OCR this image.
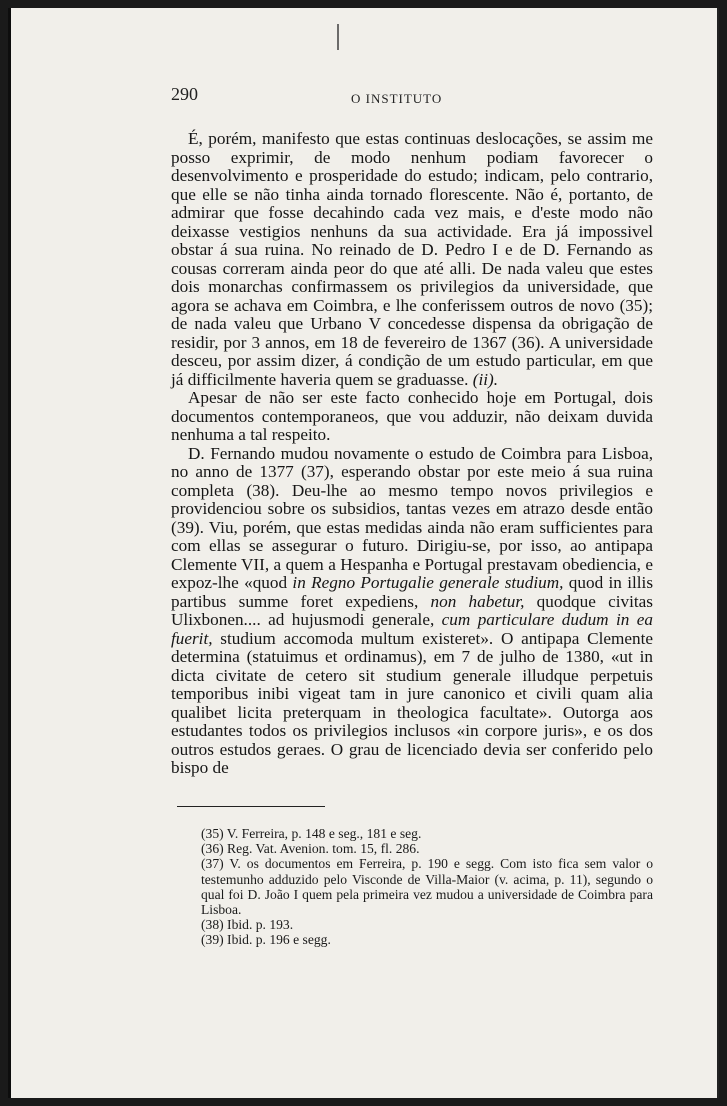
290	O INSTITUTO

É, porém, manifesto que estas continuas deslocações, se assim me posso exprimir, de modo nenhum podiam favorecer o desenvolvimento e prosperidade do estudo; indicam, pelo contrario, que elle se não tinha ainda tornado florescente. Não é, portanto, de admirar que fosse decahindo cada vez mais, e d'este modo não deixasse vestigios nenhuns da sua actividade. Era já impossivel obstar á sua ruina. No reinado de D. Pedro I e de D. Fernando as cousas correram ainda peor do que até alli. De nada valeu que estes dois monarchas confirmassem os privilegios da universidade, que agora se achava em Coimbra, e lhe conferissem outros de novo (35); de nada valeu que Urbano V concedesse dispensa da obrigação de residir, por 3 annos, em 18 de fevereiro de 1367 (36). A universidade desceu, por assim dizer, á condição de um estudo particular, em que já difficilmente haveria quem se graduasse. (ii).

Apesar de não ser este facto conhecido hoje em Portugal, dois documentos contemporaneos, que vou adduzir, não deixam duvida nenhuma a tal respeito.

D. Fernando mudou novamente o estudo de Coimbra para Lisboa, no anno de 1377 (37), esperando obstar por este meio á sua ruina completa (38). Deu-lhe ao mesmo tempo novos privilegios e providenciou sobre os subsidios, tantas vezes em atrazo desde então (39). Viu, porém, que estas medidas ainda não eram sufficientes para com ellas se assegurar o futuro. Dirigiu-se, por isso, ao antipapa Clemente VII, a quem a Hespanha e Portugal prestavam obediencia, e expoz-lhe «quod in Regno Portugalie generale studium, quod in illis partibus summe foret expediens, non habetur, quodque civitas Ulixbonen.... ad hujusmodi generale, cum particulare dudum in ea fuerit, studium accomoda multum existeret». O antipapa Clemente determina (statuimus et ordinamus), em 7 de julho de 1380, «ut in dicta civitate de cetero sit studium generale illudque perpetuis temporibus inibi vigeat tam in jure canonico et civili quam alia qualibet licita preterquam in theologica facultate». Outorga aos estudantes todos os privilegios inclusos «in corpore juris», e os dos outros estudos geraes. O grau de licenciado devia ser conferido pelo bispo de

(35) V. Ferreira, p. 148 e seg., 181 e seg.

(36) Reg. Vat. Avenion. tom. 15, fl. 286.

(37) V. os documentos em Ferreira, p. 190 e segg. Com isto fica sem valor o testemunho adduzido pelo Visconde de Villa-Maior (v. acima, p. 11), segundo o qual foi D. João I quem pela primeira vez mudou a universidade de Coimbra para Lisboa.

(38) Ibid. p. 193.

(39) Ibid. p. 196 e segg.
